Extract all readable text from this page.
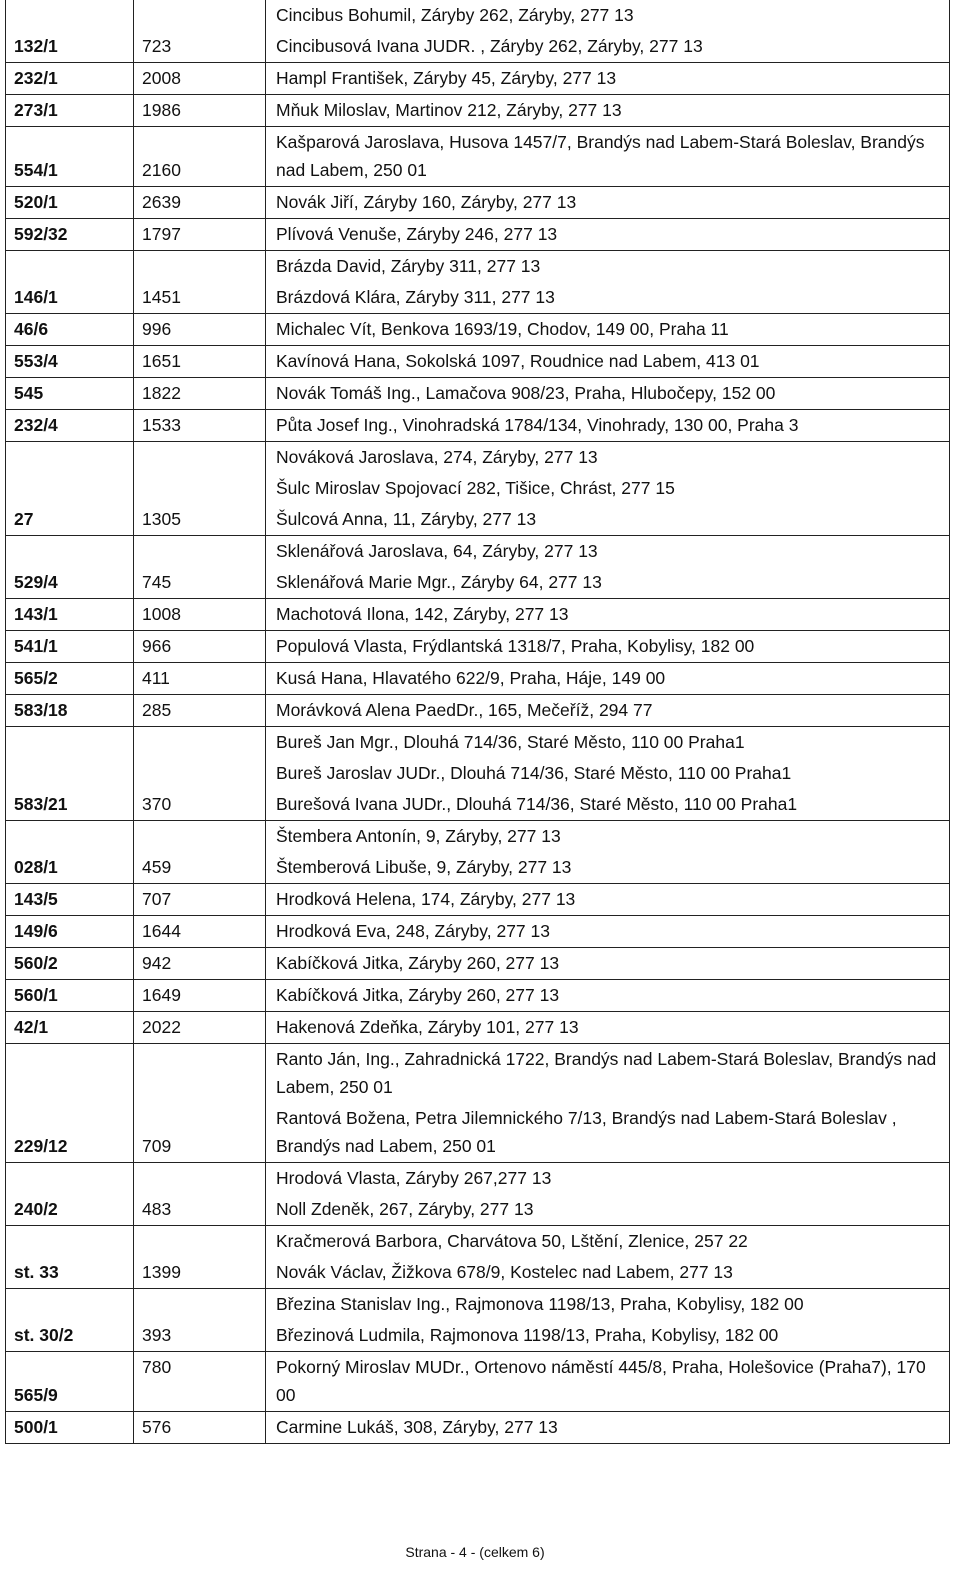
132/1	723	Cincibus Bohumil, Záryby 262, Záryby, 277 13
Cincibusová Ivana JUDR. , Záryby 262, Záryby, 277 13

232/1	2008	Hampl František, Záryby 45, Záryby, 277 13

273/1	1986	Mňuk Miloslav, Martinov 212, Záryby, 277 13

554/1	2160	Kašparová Jaroslava, Husova 1457/7, Brandýs nad Labem-Stará Boleslav, Brandýs nad Labem, 250 01

520/1	2639	Novák Jiří, Záryby 160, Záryby, 277 13

592/32	1797	Plívová Venuše, Záryby 246, 277 13

146/1	1451	Brázda David, Záryby 311, 277 13
Brázdová Klára, Záryby 311, 277 13

46/6	996	Michalec Vít, Benkova 1693/19, Chodov, 149 00, Praha 11

553/4	1651	Kavínová Hana, Sokolská 1097, Roudnice nad Labem, 413 01

545	1822	Novák Tomáš Ing., Lamačova 908/23, Praha, Hlubočepy, 152 00

232/4	1533	Půta Josef Ing., Vinohradská 1784/134, Vinohrady, 130 00, Praha 3

27	1305	Nováková Jaroslava, 274, Záryby, 277 13
Šulc Miroslav Spojovací 282, Tišice, Chrást, 277 15
Šulcová Anna, 11, Záryby, 277 13

529/4	745	Sklenářová Jaroslava, 64, Záryby, 277 13
Sklenářová Marie Mgr., Záryby 64, 277 13

143/1	1008	Machotová Ilona, 142, Záryby, 277 13

541/1	966	Populová Vlasta, Frýdlantská 1318/7, Praha, Kobylisy, 182 00

565/2	411	Kusá Hana, Hlavatého 622/9, Praha, Háje, 149 00

583/18	285	Morávková Alena PaedDr., 165, Mečeříž, 294 77

583/21	370	Bureš Jan Mgr., Dlouhá 714/36, Staré Město, 110 00 Praha1
Bureš Jaroslav JUDr., Dlouhá 714/36, Staré Město, 110 00 Praha1
Burešová Ivana JUDr., Dlouhá 714/36, Staré Město, 110 00 Praha1

028/1	459	Štembera Antonín, 9, Záryby, 277 13
Štemberová Libuše, 9, Záryby, 277 13

143/5	707	Hrodková Helena, 174, Záryby, 277 13

149/6	1644	Hrodková Eva, 248, Záryby, 277 13

560/2	942	Kabíčková Jitka, Záryby 260, 277 13

560/1	1649	Kabíčková Jitka, Záryby 260, 277 13

42/1	2022	Hakenová Zdeňka, Záryby 101, 277 13

229/12	709	Ranto Ján, Ing., Zahradnická 1722, Brandýs nad Labem-Stará Boleslav, Brandýs nad Labem, 250 01
Rantová Božena, Petra Jilemnického 7/13, Brandýs nad Labem-Stará Boleslav , Brandýs nad Labem, 250 01

240/2	483	Hrodová Vlasta, Záryby 267,277 13
Noll Zdeněk, 267, Záryby, 277 13

st. 33	1399	Kračmerová Barbora, Charvátova 50, Lštění, Zlenice, 257 22
Novák Václav, Žižkova 678/9, Kostelec nad Labem, 277 13

st. 30/2	393	Březina Stanislav Ing., Rajmonova 1198/13, Praha, Kobylisy, 182 00
Březinová Ludmila, Rajmonova 1198/13, Praha, Kobylisy, 182 00

565/9	780	Pokorný Miroslav MUDr., Ortenovo náměstí 445/8, Praha, Holešovice (Praha7), 170 00

500/1	576	Carmine Lukáš, 308, Záryby, 277 13
Strana - 4 - (celkem 6)
